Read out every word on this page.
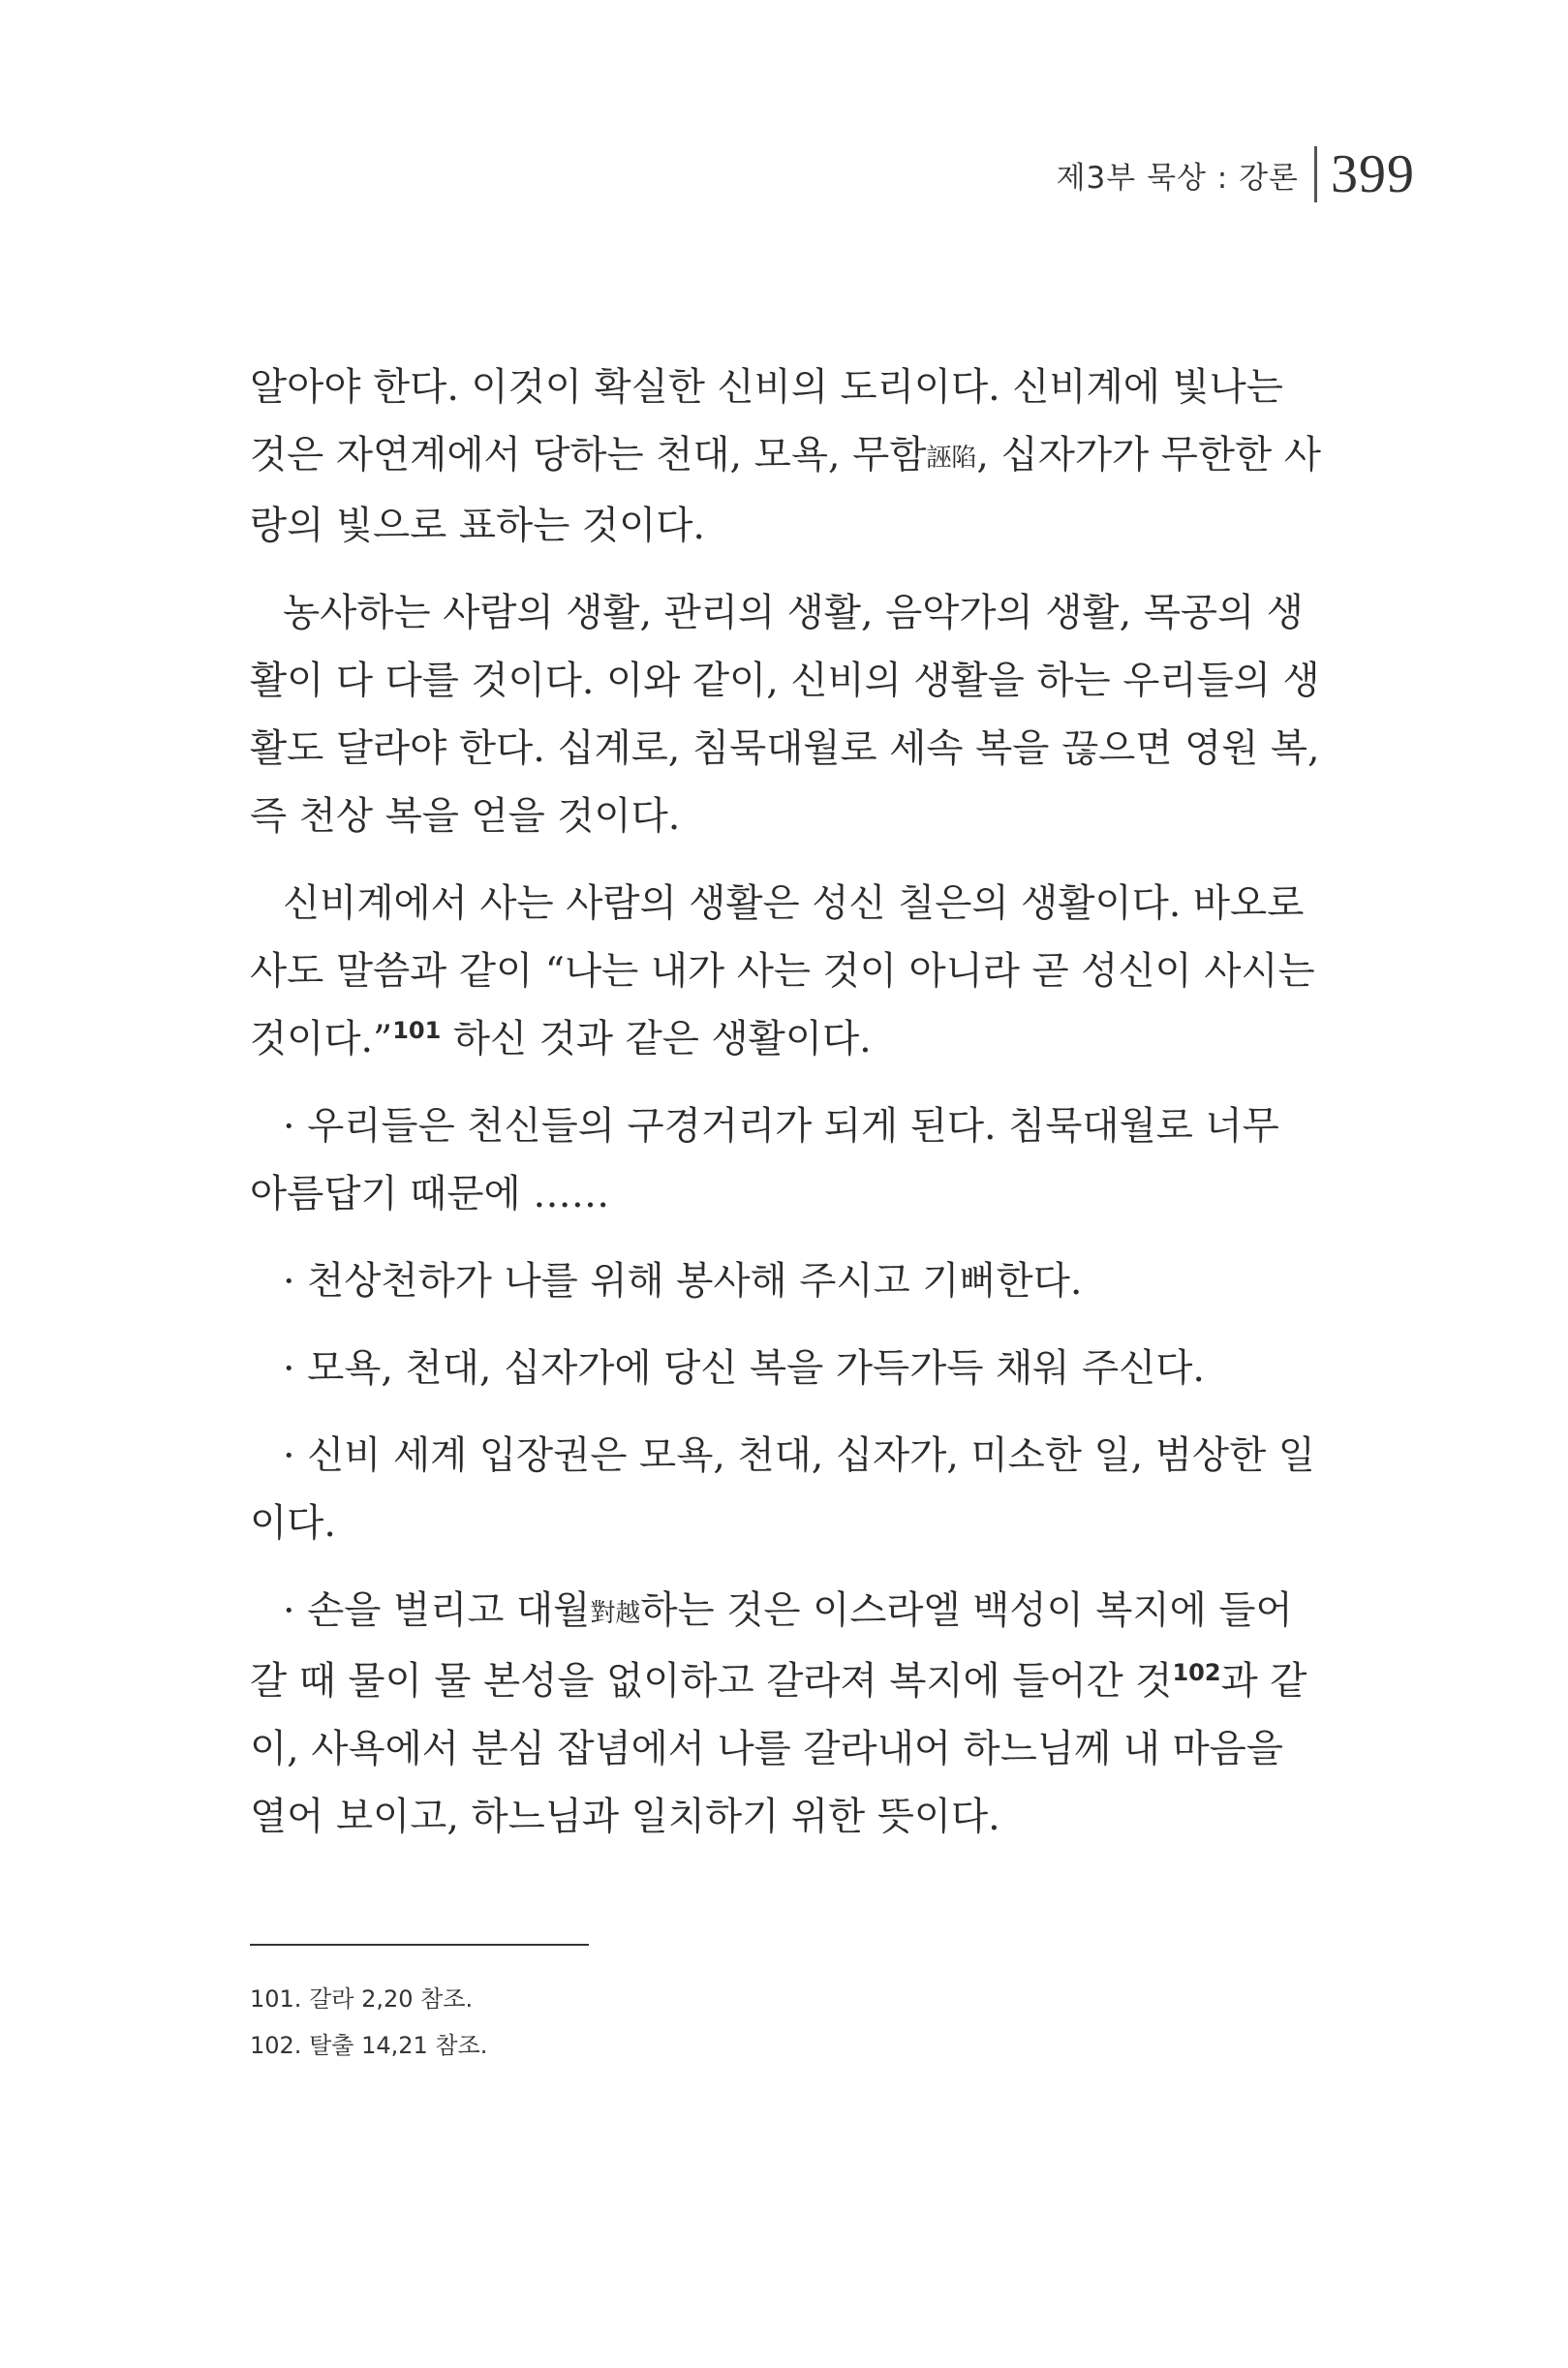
제3부 묵상 : 강론 399

알아야 한다. 이것이 확실한 신비의 도리이다. 신비계에 빛나는 것은 자연계에서 당하는 천대, 모욕, 무함誣陷, 십자가가 무한한 사랑의 빛으로 표하는 것이다.

농사하는 사람의 생활, 관리의 생활, 음악가의 생활, 목공의 생활이 다 다를 것이다. 이와 같이, 신비의 생활을 하는 우리들의 생활도 달라야 한다. 십계로, 침묵대월로 세속 복을 끊으면 영원 복, 즉 천상 복을 얻을 것이다.

신비계에서 사는 사람의 생활은 성신 칠은의 생활이다. 바오로 사도 말씀과 같이 “나는 내가 사는 것이 아니라 곧 성신이 사시는 것이다.”$^{101}$ 하신 것과 같은 생활이다.

· 우리들은 천신들의 구경거리가 되게 된다. 침묵대월로 너무 아름답기 때문에 ……

· 천상천하가 나를 위해 봉사해 주시고 기뻐한다.

· 모욕, 천대, 십자가에 당신 복을 가득가득 채워 주신다.

· 신비 세계 입장권은 모욕, 천대, 십자가, 미소한 일, 범상한 일이다.

· 손을 벌리고 대월對越하는 것은 이스라엘 백성이 복지에 들어갈 때 물이 물 본성을 없이하고 갈라져 복지에 들어간 것$^{102}$과 같이, 사욕에서 분심 잡념에서 나를 갈라내어 하느님께 내 마음을 열어 보이고, 하느님과 일치하기 위한 뜻이다.

101. 갈라 2,20 참조.
102. 탈출 14,21 참조.
